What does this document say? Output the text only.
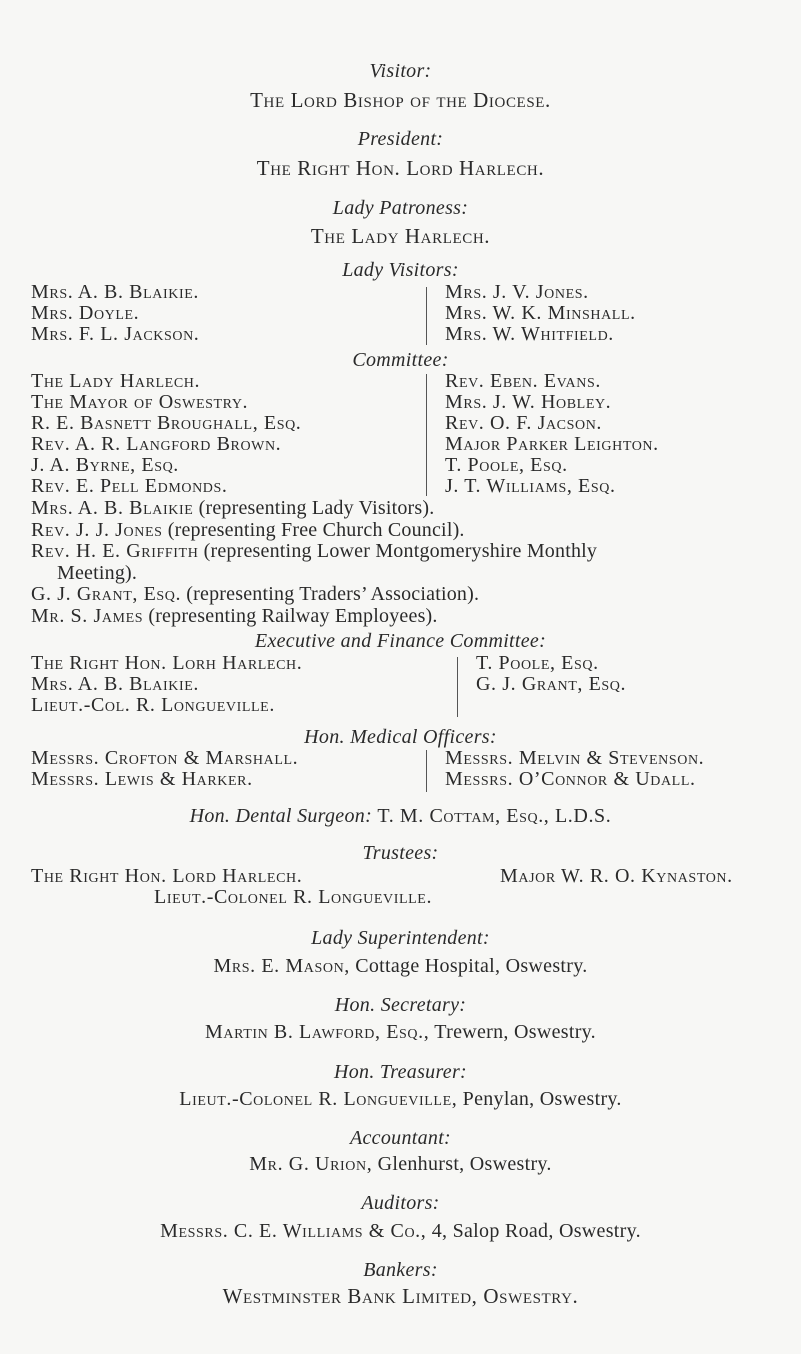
Visitor:
The Lord Bishop of the Diocese.
President:
The Right Hon. Lord Harlech.
Lady Patroness:
The Lady Harlech.
Lady Visitors:
Mrs. A. B. Blaikie.
Mrs. Doyle.
Mrs. F. L. Jackson.
Mrs. J. V. Jones.
Mrs. W. K. Minshall.
Mrs. W. Whitfield.
Committee:
The Lady Harlech.
The Mayor of Oswestry.
R. E. Basnett Broughall, Esq.
Rev. A. R. Langford Brown.
J. A. Byrne, Esq.
Rev. E. Pell Edmonds.
Rev. Eben. Evans.
Mrs. J. W. Hobley.
Rev. O. F. Jacson.
Major Parker Leighton.
T. Poole, Esq.
J. T. Williams, Esq.
Mrs. A. B. Blaikie (representing Lady Visitors).
Rev. J. J. Jones (representing Free Church Council).
Rev. H. E. Griffith (representing Lower Montgomeryshire Monthly
Meeting).
G. J. Grant, Esq. (representing Traders’ Association).
Mr. S. James (representing Railway Employees).
Executive and Finance Committee:
The Right Hon. Lorh Harlech.
Mrs. A. B. Blaikie.
Lieut.-Col. R. Longueville.
T. Poole, Esq.
G. J. Grant, Esq.
Hon. Medical Officers:
Messrs. Crofton & Marshall.
Messrs. Lewis & Harker.
Messrs. Melvin & Stevenson.
Messrs. O’Connor & Udall.
Hon. Dental Surgeon: T. M. Cottam, Esq., L.D.S.
Trustees:
The Right Hon. Lord Harlech.	Major W. R. O. Kynaston.
Lieut.-Colonel R. Longueville.
Lady Superintendent:
Mrs. E. Mason, Cottage Hospital, Oswestry.
Hon. Secretary:
Martin B. Lawford, Esq., Trewern, Oswestry.
Hon. Treasurer:
Lieut.-Colonel R. Longueville, Penylan, Oswestry.
Accountant:
Mr. G. Urion, Glenhurst, Oswestry.
Auditors:
Messrs. C. E. Williams & Co., 4, Salop Road, Oswestry.
Bankers:
Westminster Bank Limited, Oswestry.
